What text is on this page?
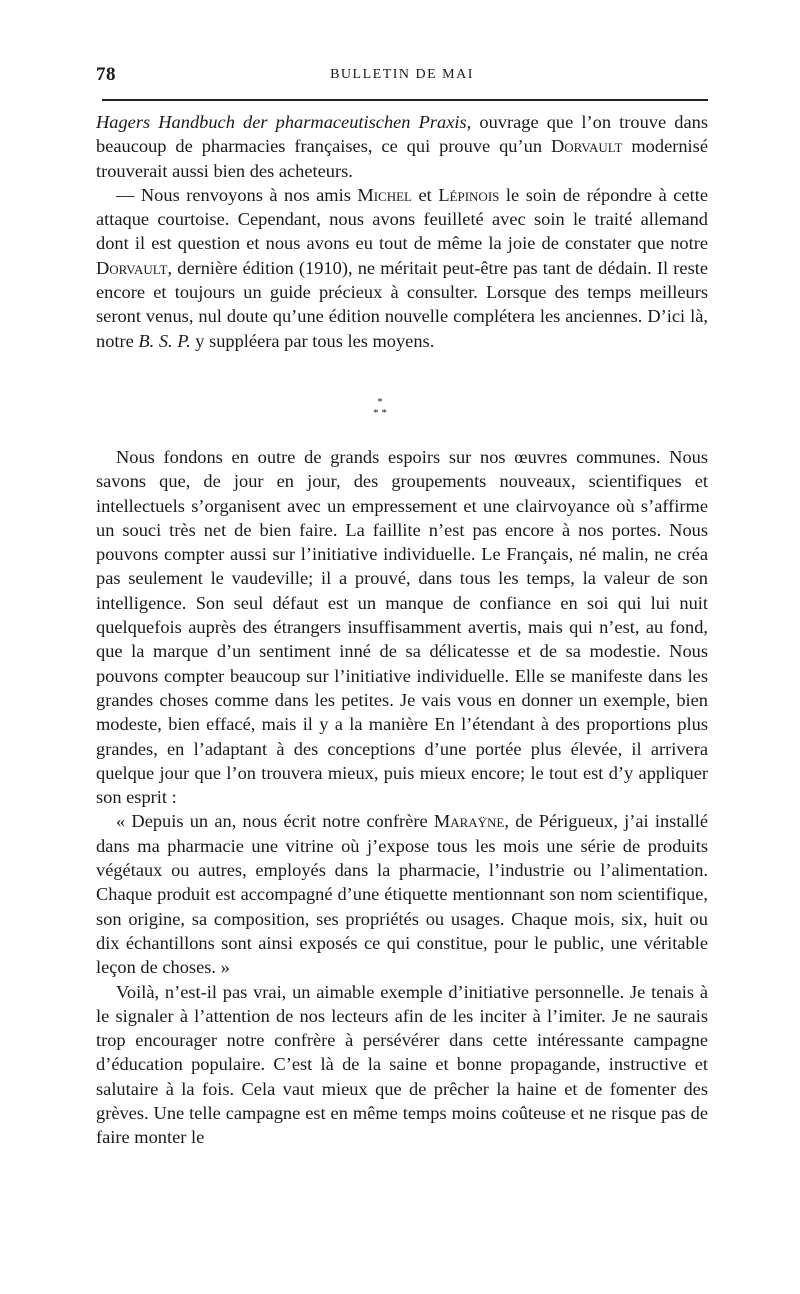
78	BULLETIN DE MAI

Hagers Handbuch der pharmaceutischen Praxis, ouvrage que l’on trouve dans beaucoup de pharmacies françaises, ce qui prouve qu’un Dorvault modernisé trouverait aussi bien des acheteurs.

— Nous renvoyons à nos amis Michel et Lépinois le soin de répondre à cette attaque courtoise. Cependant, nous avons feuilleté avec soin le traité allemand dont il est question et nous avons eu tout de même la joie de constater que notre Dorvault, dernière édition (1910), ne méritait peut-être pas tant de dédain. Il reste encore et toujours un guide précieux à consulter. Lorsque des temps meilleurs seront venus, nul doute qu’une édition nouvelle complétera les anciennes. D’ici là, notre B. S. P. y suppléera par tous les moyens.

*
* *

Nous fondons en outre de grands espoirs sur nos œuvres communes. Nous savons que, de jour en jour, des groupements nouveaux, scientifiques et intellectuels s’organisent avec un empressement et une clairvoyance où s’affirme un souci très net de bien faire. La faillite n’est pas encore à nos portes. Nous pouvons compter aussi sur l’initiative individuelle. Le Français, né malin, ne créa pas seulement le vaudeville; il a prouvé, dans tous les temps, la valeur de son intelligence. Son seul défaut est un manque de confiance en soi qui lui nuit quelquefois auprès des étrangers insuffisamment avertis, mais qui n’est, au fond, que la marque d’un sentiment inné de sa délicatesse et de sa modestie. Nous pouvons compter beaucoup sur l’initiative individuelle. Elle se manifeste dans les grandes choses comme dans les petites. Je vais vous en donner un exemple, bien modeste, bien effacé, mais il y a la manière En l’étendant à des proportions plus grandes, en l’adaptant à des conceptions d’une portée plus élevée, il arrivera quelque jour que l’on trouvera mieux, puis mieux encore; le tout est d’y appliquer son esprit :

« Depuis un an, nous écrit notre confrère Maraÿne, de Périgueux, j’ai installé dans ma pharmacie une vitrine où j’expose tous les mois une série de produits végétaux ou autres, employés dans la pharmacie, l’industrie ou l’alimentation. Chaque produit est accompagné d’une étiquette mentionnant son nom scientifique, son origine, sa composition, ses propriétés ou usages. Chaque mois, six, huit ou dix échantillons sont ainsi exposés ce qui constitue, pour le public, une véritable leçon de choses. »

Voilà, n’est-il pas vrai, un aimable exemple d’initiative personnelle. Je tenais à le signaler à l’attention de nos lecteurs afin de les inciter à l’imiter. Je ne saurais trop encourager notre confrère à persévérer dans cette intéressante campagne d’éducation populaire. C’est là de la saine et bonne propagande, instructive et salutaire à la fois. Cela vaut mieux que de prêcher la haine et de fomenter des grèves. Une telle campagne est en même temps moins coûteuse et ne risque pas de faire monter le
